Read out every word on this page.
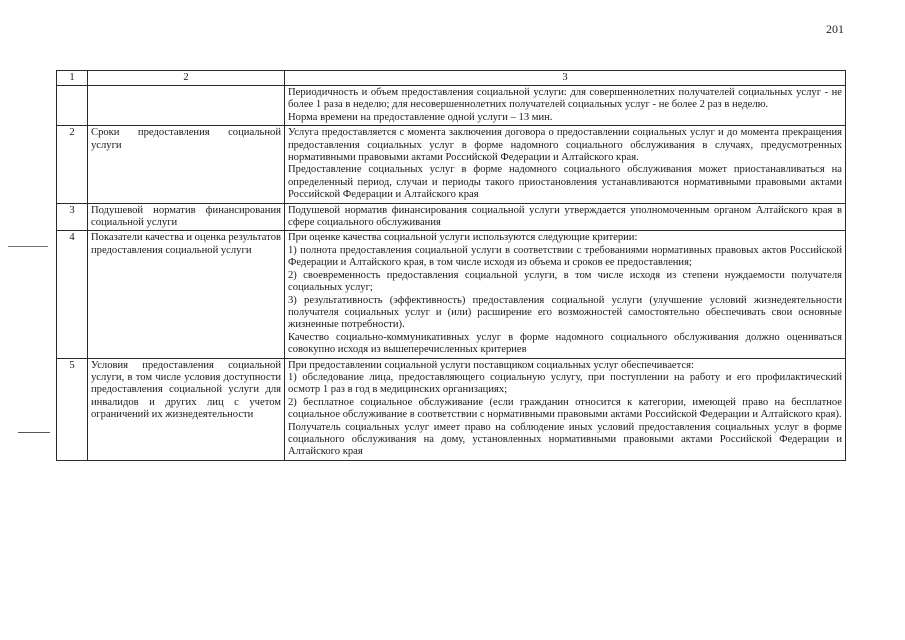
201
1	2	3

		Периодичность и объем предоставления социальной услуги: для совершеннолетних получателей социальных услуг - не более 1 раза в неделю; для несовершеннолетних получателей социальных услуг - не более 2 раз в неделю.

Норма времени на предоставление одной услуги – 13 мин.

2	Сроки предоставления социальной услуги	Услуга предоставляется с момента заключения договора о предоставлении социальных услуг и до момента прекращения предоставления социальных услуг в форме надомного социального обслуживания в случаях, предусмотренных нормативными правовыми актами Российской Федерации и Алтайского края.

Предоставление социальных услуг в форме надомного социального обслуживания может приостанавливаться на определенный период, случаи и периоды такого приостановления устанавливаются нормативными правовыми актами Российской Федерации и Алтайского края

3	Подушевой норматив финансирования социальной услуги	Подушевой норматив финансирования социальной услуги утверждается уполномоченным органом Алтайского края в сфере социального обслуживания

4	Показатели качества и оценка результатов предоставления социальной услуги	При оценке качества социальной услуги используются следующие критерии:

1) полнота предоставления социальной услуги в соответствии с требованиями нормативных правовых актов Российской Федерации и Алтайского края, в том числе исходя из объема и сроков ее предоставления;

2) своевременность предоставления социальной услуги, в том числе исходя из степени нуждаемости получателя социальных услуг;

3) результативность (эффективность) предоставления социальной услуги (улучшение условий жизнедеятельности получателя социальных услуг и (или) расширение его возможностей самостоятельно обеспечивать свои основные жизненные потребности).

Качество социально-коммуникативных услуг в форме надомного социального обслуживания должно оцениваться совокупно исходя из вышеперечисленных критериев

5	Условия предоставления социальной услуги, в том числе условия доступности предоставления социальной услуги для инвалидов и других лиц с учетом ограничений их жизнедеятельности	При предоставлении социальной услуги поставщиком социальных услуг обеспечивается:

1) обследование лица, предоставляющего социальную услугу, при поступлении на работу и его профилактический осмотр 1 раз в год в медицинских организациях;

2) бесплатное социальное обслуживание (если гражданин относится к категории, имеющей право на бесплатное социальное обслуживание в соответствии с нормативными правовыми актами Российской Федерации и Алтайского края).

Получатель социальных услуг имеет право на соблюдение иных условий предоставления социальных услуг в форме социального обслуживания на дому, установленных нормативными правовыми актами Российской Федерации и Алтайского края
